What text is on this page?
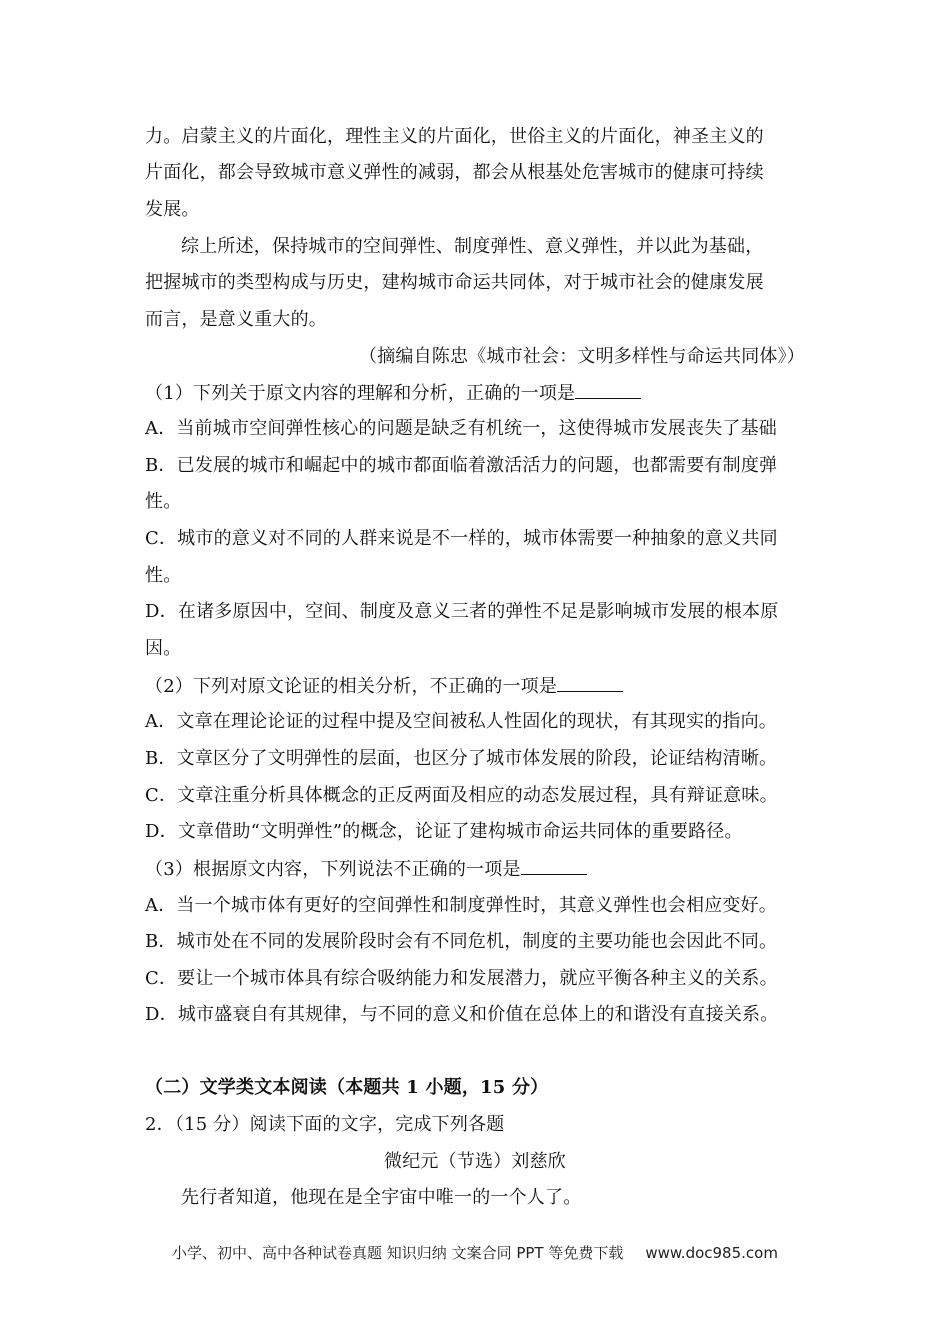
力。启蒙主义的片面化，理性主义的片面化，世俗主义的片面化，神圣主义的
片面化，都会导致城市意义弹性的减弱，都会从根基处危害城市的健康可持续
发展。
综上所述，保持城市的空间弹性、制度弹性、意义弹性，并以此为基础，
把握城市的类型构成与历史，建构城市命运共同体，对于城市社会的健康发展
而言，是意义重大的。
（摘编自陈忠《城市社会：文明多样性与命运共同体》）
（1）下列关于原文内容的理解和分析，正确的一项是
A．当前城市空间弹性核心的问题是缺乏有机统一，这使得城市发展丧失了基础
B．已发展的城市和崛起中的城市都面临着激活活力的问题，也都需要有制度弹
性。
C．城市的意义对不同的人群来说是不一样的，城市体需要一种抽象的意义共同
性。
D．在诸多原因中，空间、制度及意义三者的弹性不足是影响城市发展的根本原
因。
（2）下列对原文论证的相关分析，不正确的一项是
A．文章在理论论证的过程中提及空间被私人性固化的现状，有其现实的指向。
B．文章区分了文明弹性的层面，也区分了城市体发展的阶段，论证结构清晰。
C．文章注重分析具体概念的正反两面及相应的动态发展过程，具有辩证意味。
D．文章借助“文明弹性”的概念，论证了建构城市命运共同体的重要路径。
（3）根据原文内容，下列说法不正确的一项是
A．当一个城市体有更好的空间弹性和制度弹性时，其意义弹性也会相应变好。
B．城市处在不同的发展阶段时会有不同危机，制度的主要功能也会因此不同。
C．要让一个城市体具有综合吸纳能力和发展潜力，就应平衡各种主义的关系。
D．城市盛衰自有其规律，与不同的意义和价值在总体上的和谐没有直接关系。
（二）文学类文本阅读（本题共 1 小题，15 分）
2．（15 分）阅读下面的文字，完成下列各题
微纪元（节选）刘慈欣
先行者知道，他现在是全宇宙中唯一的一个人了。
小学、初中、高中各种试卷真题 知识归纳 文案合同 PPT 等免费下载 www.doc985.com
